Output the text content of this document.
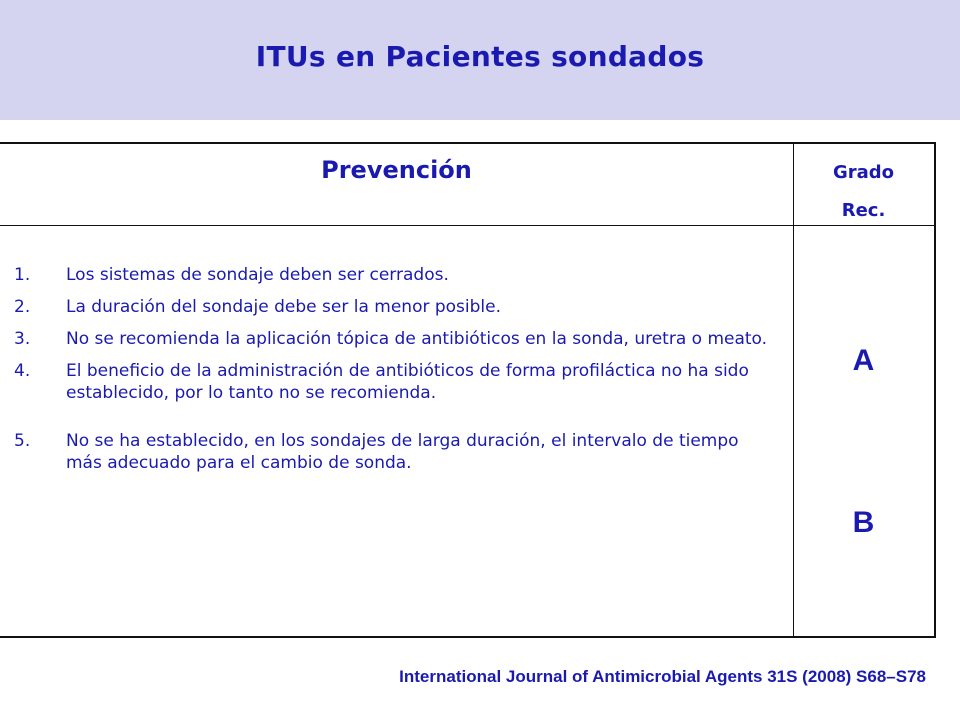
ITUs en Pacientes sondados
Prevención	Grado
Rec.
1. Los sistemas de sondaje deben ser cerrados.
2. La duración del sondaje debe ser la menor posible.
3. No se recomienda la aplicación tópica de antibióticos en la sonda, uretra o meato.
4. El beneficio de la administración de antibióticos de forma profiláctica no ha sido establecido, por lo tanto no se recomienda.
5. No se ha establecido, en los sondajes de larga duración, el intervalo de tiempo más adecuado para el cambio de sonda.
A
B
International Journal of Antimicrobial Agents 31S (2008) S68–S78
